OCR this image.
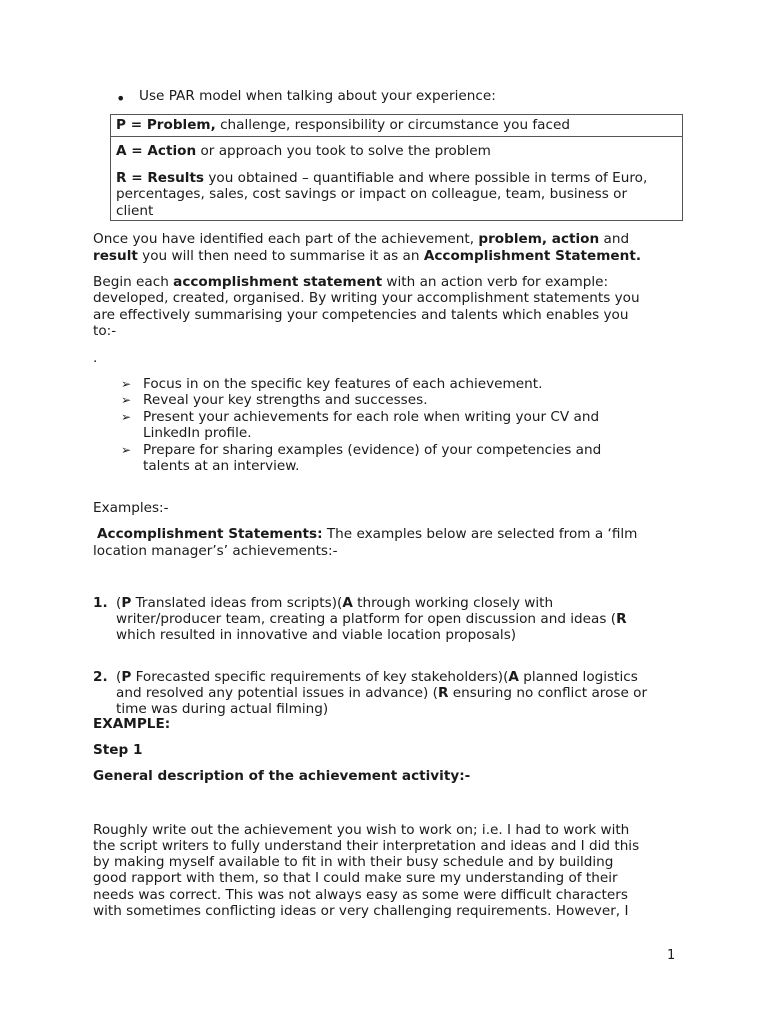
• Use PAR model when talking about your experience:
P = Problem, challenge, responsibility or circumstance you faced
A = Action or approach you took to solve the problem
R = Results you obtained – quantifiable and where possible in terms of Euro,
percentages, sales, cost savings or impact on colleague, team, business or
client
Once you have identified each part of the achievement, problem, action and
result you will then need to summarise it as an Accomplishment Statement.
Begin each accomplishment statement with an action verb for example:
developed, created, organised. By writing your accomplishment statements you
are effectively summarising your competencies and talents which enables you
to:-
.
➢ Focus in on the specific key features of each achievement.
➢ Reveal your key strengths and successes.
➢ Present your achievements for each role when writing your CV and
LinkedIn profile.
➢ Prepare for sharing examples (evidence) of your competencies and
talents at an interview.
Examples:-
Accomplishment Statements: The examples below are selected from a ‘film
location manager’s’ achievements:-
1. (P Translated ideas from scripts)(A through working closely with
writer/producer team, creating a platform for open discussion and ideas (R
which resulted in innovative and viable location proposals)
2. (P Forecasted specific requirements of key stakeholders)(A planned logistics
and resolved any potential issues in advance) (R ensuring no conflict arose or
time was during actual filming)
EXAMPLE:
Step 1
General description of the achievement activity:-
Roughly write out the achievement you wish to work on; i.e. I had to work with
the script writers to fully understand their interpretation and ideas and I did this
by making myself available to fit in with their busy schedule and by building
good rapport with them, so that I could make sure my understanding of their
needs was correct. This was not always easy as some were difficult characters
with sometimes conflicting ideas or very challenging requirements. However, I
1
